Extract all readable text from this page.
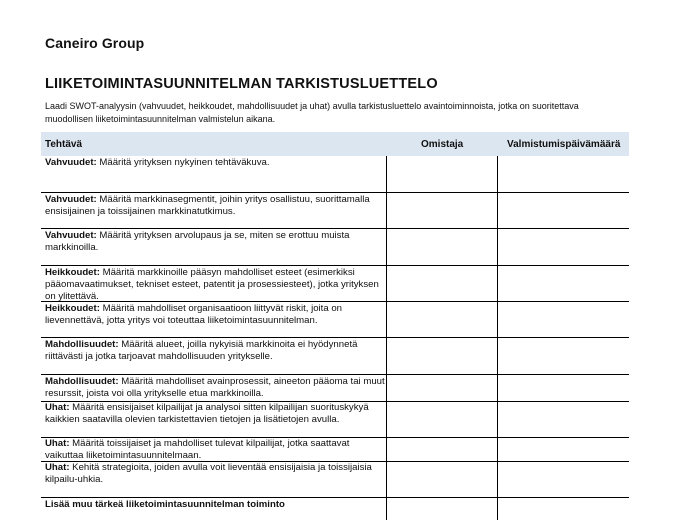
Caneiro Group
LIIKETOIMINTASUUNNITELMAN TARKISTUSLUETTELO
Laadi SWOT-analyysin (vahvuudet, heikkoudet, mahdollisuudet ja uhat) avulla tarkistusluettelo avaintoiminnoista, jotka on suoritettava muodollisen liiketoimintasuunnitelman valmistelun aikana.
Tehtävä	Omistaja	Valmistumispäivämäärä
Vahvuudet: Määritä yrityksen nykyinen tehtäväkuva.
Vahvuudet: Määritä markkinasegmentit, joihin yritys osallistuu, suorittamalla ensisijainen ja toissijainen markkinatutkimus.
Vahvuudet: Määritä yrityksen arvolupaus ja se, miten se erottuu muista markkinoilla.
Heikkoudet: Määritä markkinoille pääsyn mahdolliset esteet (esimerkiksi pääomavaatimukset, tekniset esteet, patentit ja prosessiesteet), jotka yrityksen on ylitettävä.
Heikkoudet: Määritä mahdolliset organisaatioon liittyvät riskit, joita on lievennettävä, jotta yritys voi toteuttaa liiketoimintasuunnitelman.
Mahdollisuudet: Määritä alueet, joilla nykyisiä markkinoita ei hyödynnetä riittävästi ja jotka tarjoavat mahdollisuuden yritykselle.
Mahdollisuudet: Määritä mahdolliset avainprosessit, aineeton pääoma tai muut resurssit, joista voi olla yritykselle etua markkinoilla.
Uhat: Määritä ensisijaiset kilpailijat ja analysoi sitten kilpailijan suorituskykyä kaikkien saatavilla olevien tarkistettavien tietojen ja lisätietojen avulla.
Uhat: Määritä toissijaiset ja mahdolliset tulevat kilpailijat, jotka saattavat vaikuttaa liiketoimintasuunnitelmaan.
Uhat: Kehitä strategioita, joiden avulla voit lieventää ensisijaisia ja toissijaisia kilpailu-uhkia.
Lisää muu tärkeä liiketoimintasuunnitelman toiminto
